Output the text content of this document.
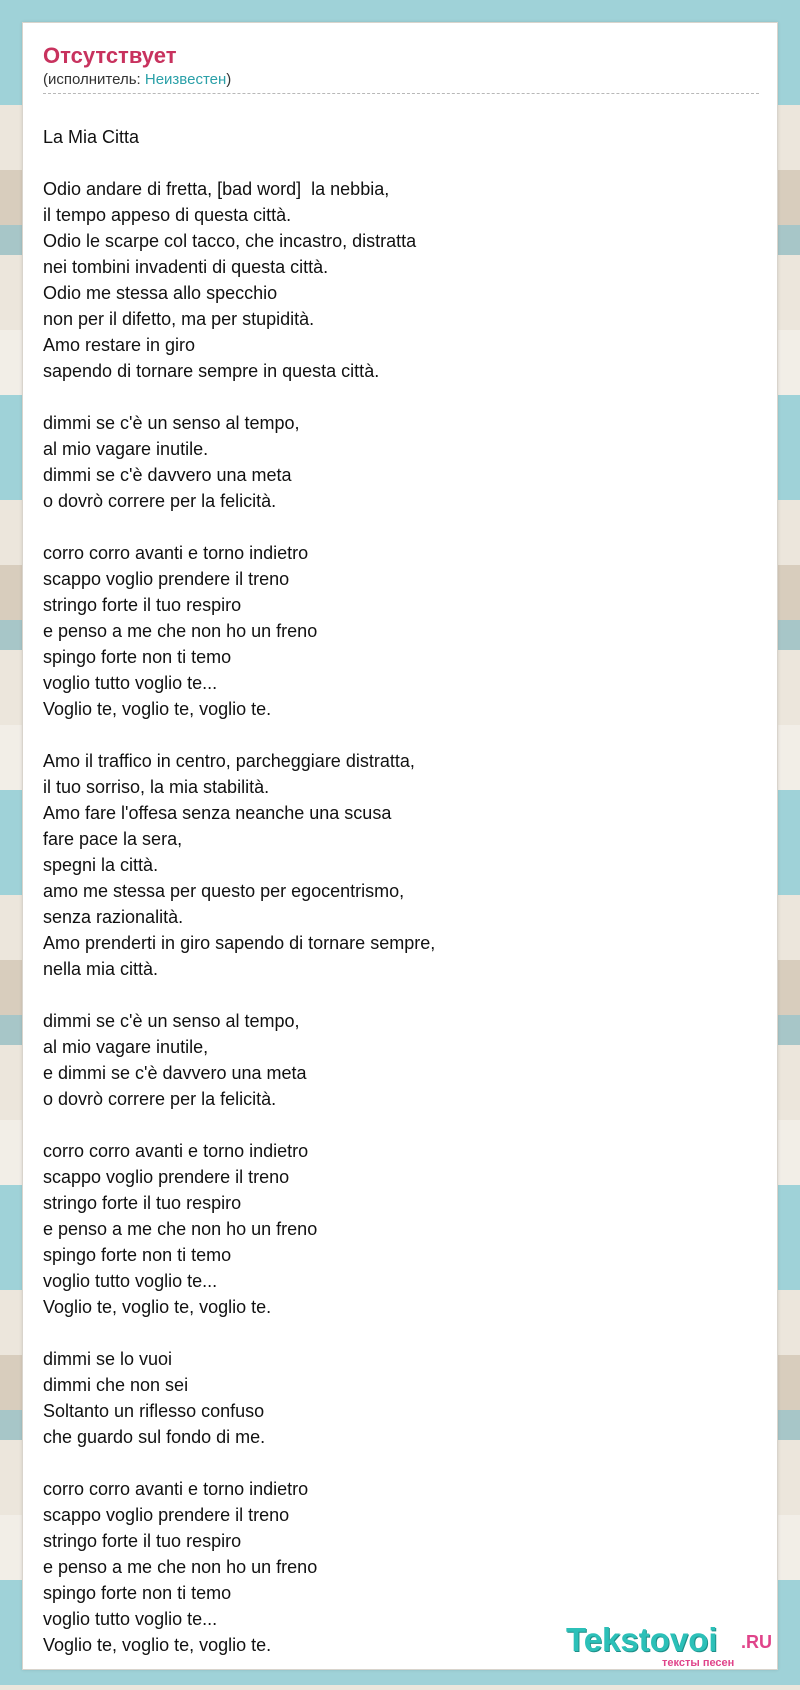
Отсутствует
(исполнитель: Неизвестен)
La Mia Citta

Odio andare di fretta, [bad word]  la nebbia,
il tempo appeso di questa città.
Odio le scarpe col tacco, che incastro, distratta
nei tombini invadenti di questa città.
Odio me stessa allo specchio
non per il difetto, ma per stupidità.
Amo restare in giro
sapendo di tornare sempre in questa città.

dimmi se c'è un senso al tempo,
al mio vagare inutile.
dimmi se c'è davvero una meta
o dovrò correre per la felicità.

corro corro avanti e torno indietro
scappo voglio prendere il treno
stringo forte il tuo respiro
e penso a me che non ho un freno
spingo forte non ti temo
voglio tutto voglio te...
Voglio te, voglio te, voglio te.

Amo il traffico in centro, parcheggiare distratta,
il tuo sorriso, la mia stabilità.
Amo fare l'offesa senza neanche una scusa
fare pace la sera,
spegni la città.
amo me stessa per questo per egocentrismo,
senza razionalità.
Amo prenderti in giro sapendo di tornare sempre,
nella mia città.

dimmi se c'è un senso al tempo,
al mio vagare inutile,
e dimmi se c'è davvero una meta
o dovrò correre per la felicità.

corro corro avanti e torno indietro
scappo voglio prendere il treno
stringo forte il tuo respiro
e penso a me che non ho un freno
spingo forte non ti temo
voglio tutto voglio te...
Voglio te, voglio te, voglio te.

dimmi se lo vuoi
dimmi che non sei
Soltanto un riflesso confuso
che guardo sul fondo di me.

corro corro avanti e torno indietro
scappo voglio prendere il treno
stringo forte il tuo respiro
e penso a me che non ho un freno
spingo forte non ti temo
voglio tutto voglio te...
Voglio te, voglio te, voglio te.	Tekstovoi .RU
тексты песен
